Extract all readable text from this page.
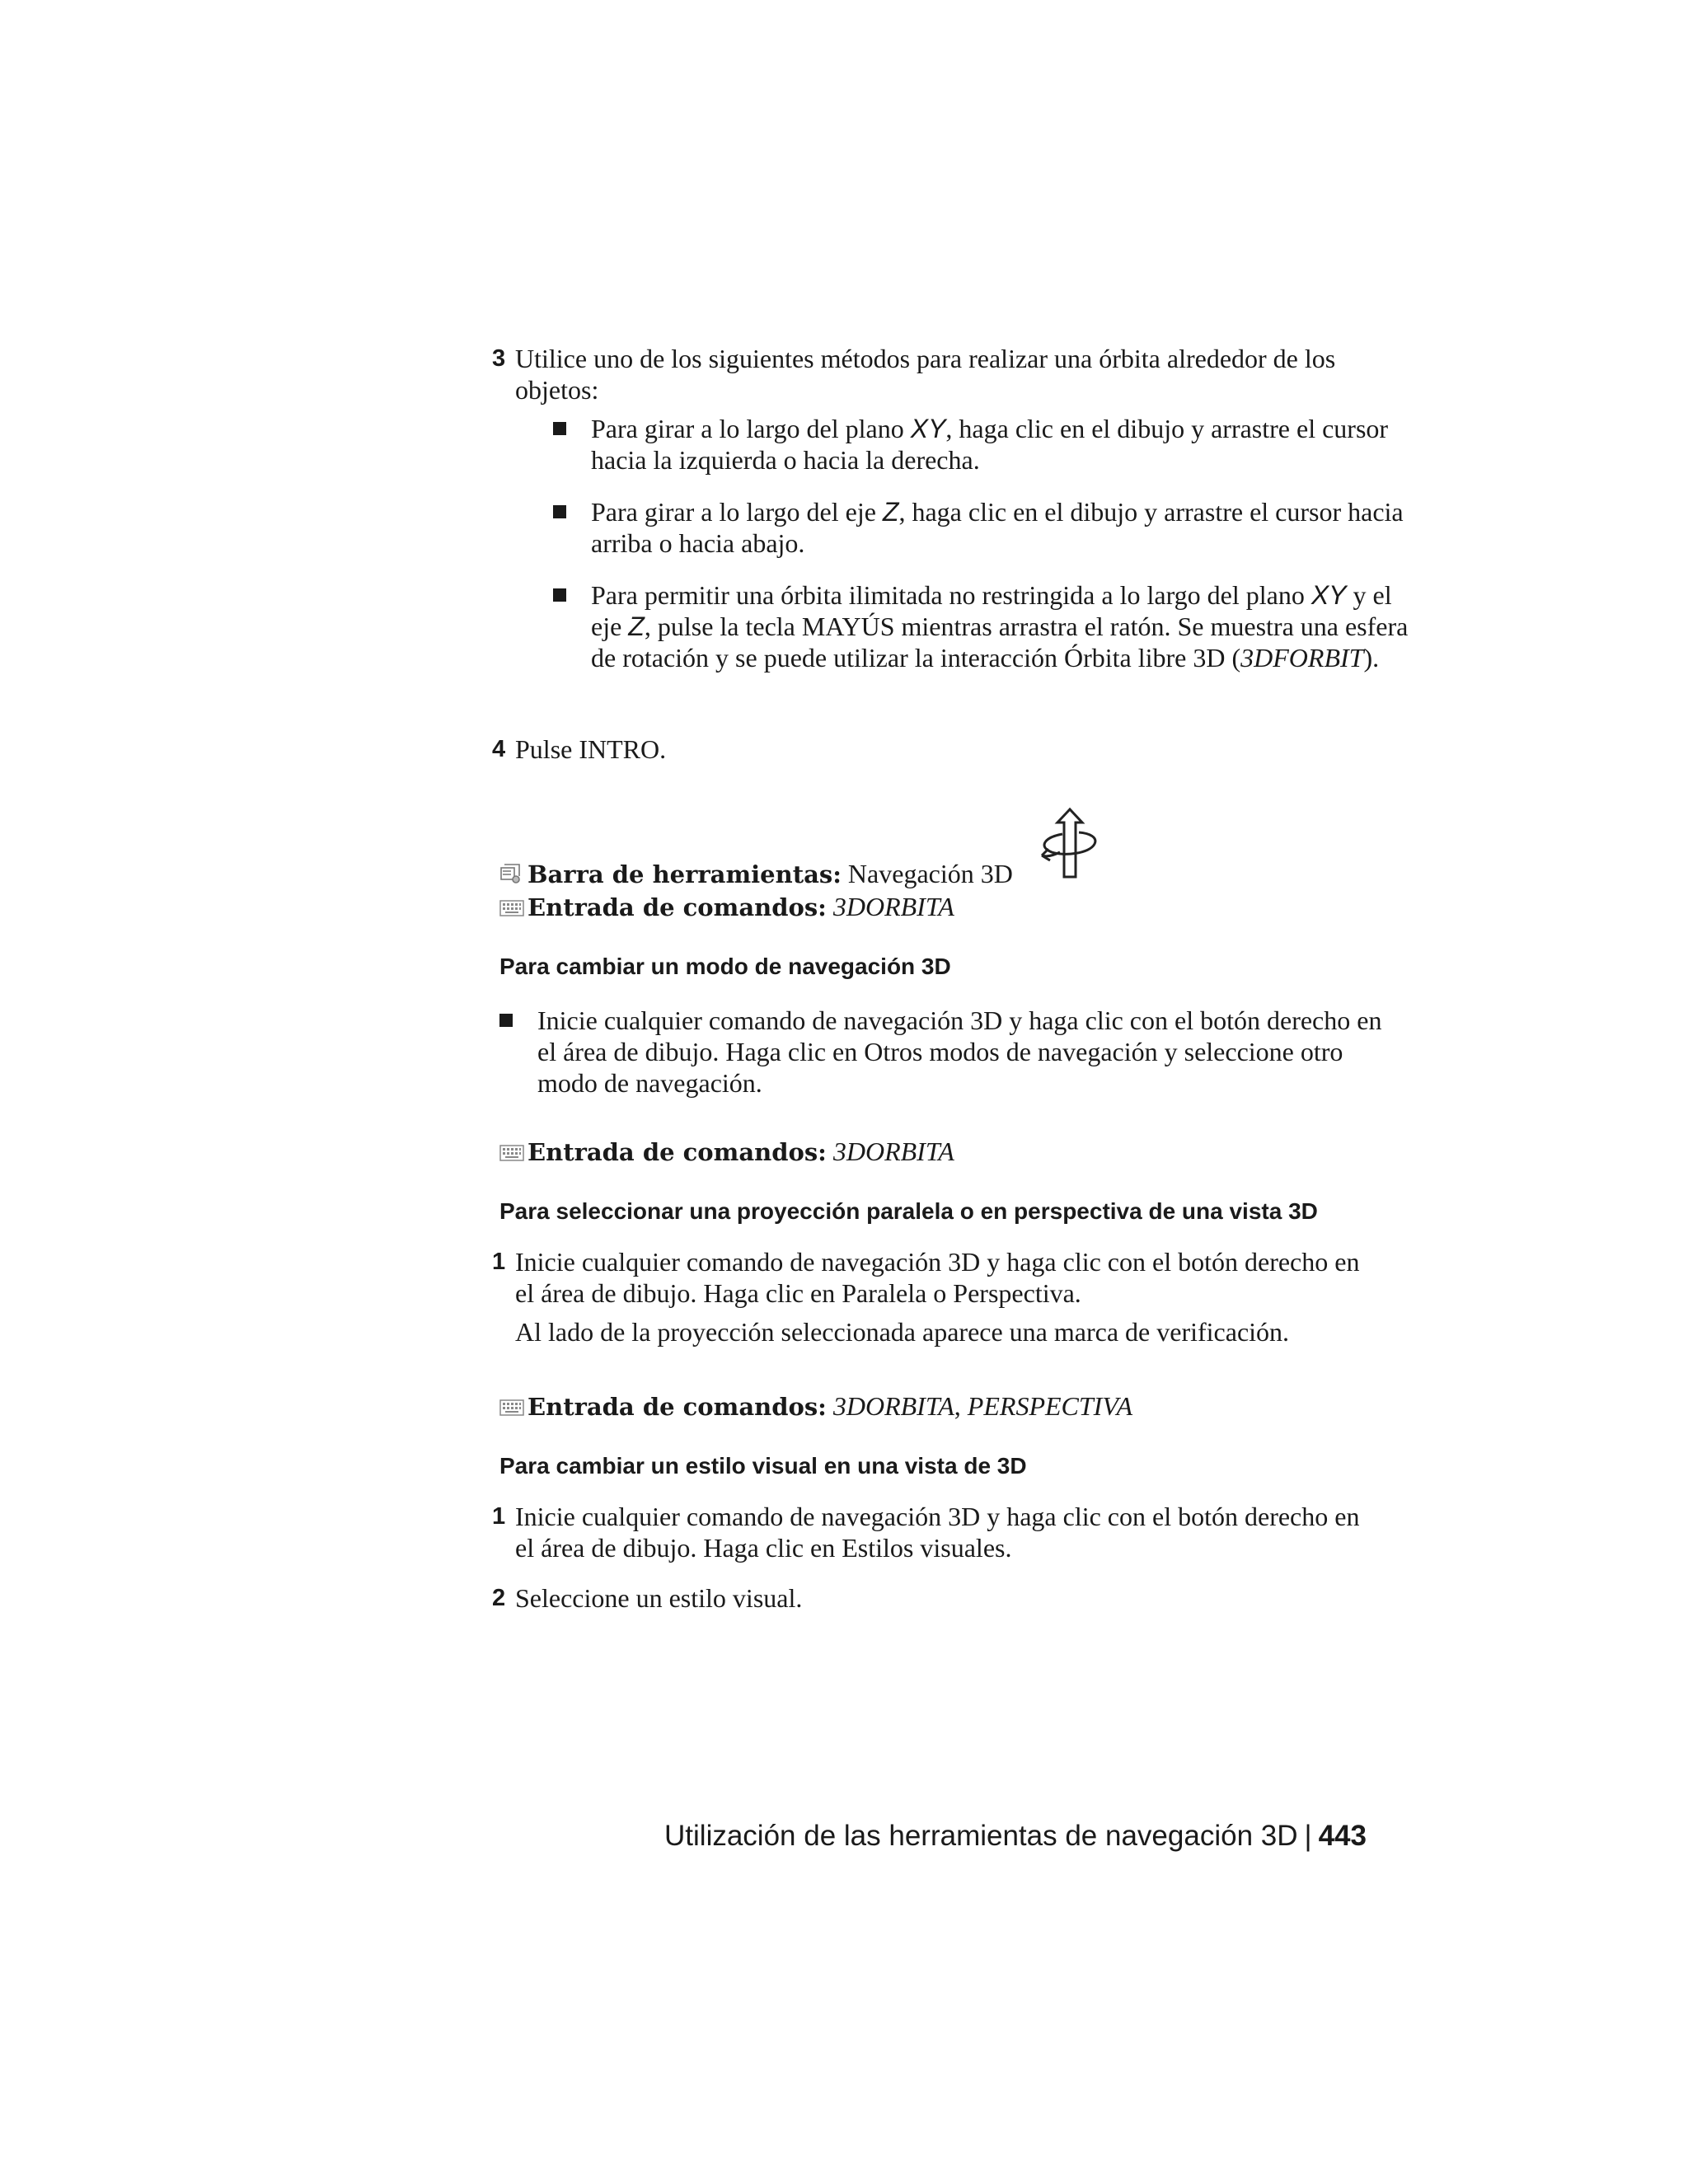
3 Utilice uno de los siguientes métodos para realizar una órbita alrededor de los objetos:
Para girar a lo largo del plano XY, haga clic en el dibujo y arrastre el cursor hacia la izquierda o hacia la derecha.
Para girar a lo largo del eje Z, haga clic en el dibujo y arrastre el cursor hacia arriba o hacia abajo.
Para permitir una órbita ilimitada no restringida a lo largo del plano XY y el eje Z, pulse la tecla MAYÚS mientras arrastra el ratón. Se muestra una esfera de rotación y se puede utilizar la interacción Órbita libre 3D (3DFORBIT).
4 Pulse INTRO.
Barra de herramientas: Navegación 3D
Entrada de comandos: 3DORBITA
Para cambiar un modo de navegación 3D
Inicie cualquier comando de navegación 3D y haga clic con el botón derecho en el área de dibujo. Haga clic en Otros modos de navegación y seleccione otro modo de navegación.
Entrada de comandos: 3DORBITA
Para seleccionar una proyección paralela o en perspectiva de una vista 3D
1 Inicie cualquier comando de navegación 3D y haga clic con el botón derecho en el área de dibujo. Haga clic en Paralela o Perspectiva.
Al lado de la proyección seleccionada aparece una marca de verificación.
Entrada de comandos: 3DORBITA, PERSPECTIVA
Para cambiar un estilo visual en una vista de 3D
1 Inicie cualquier comando de navegación 3D y haga clic con el botón derecho en el área de dibujo. Haga clic en Estilos visuales.
2 Seleccione un estilo visual.
Utilización de las herramientas de navegación 3D | 443
